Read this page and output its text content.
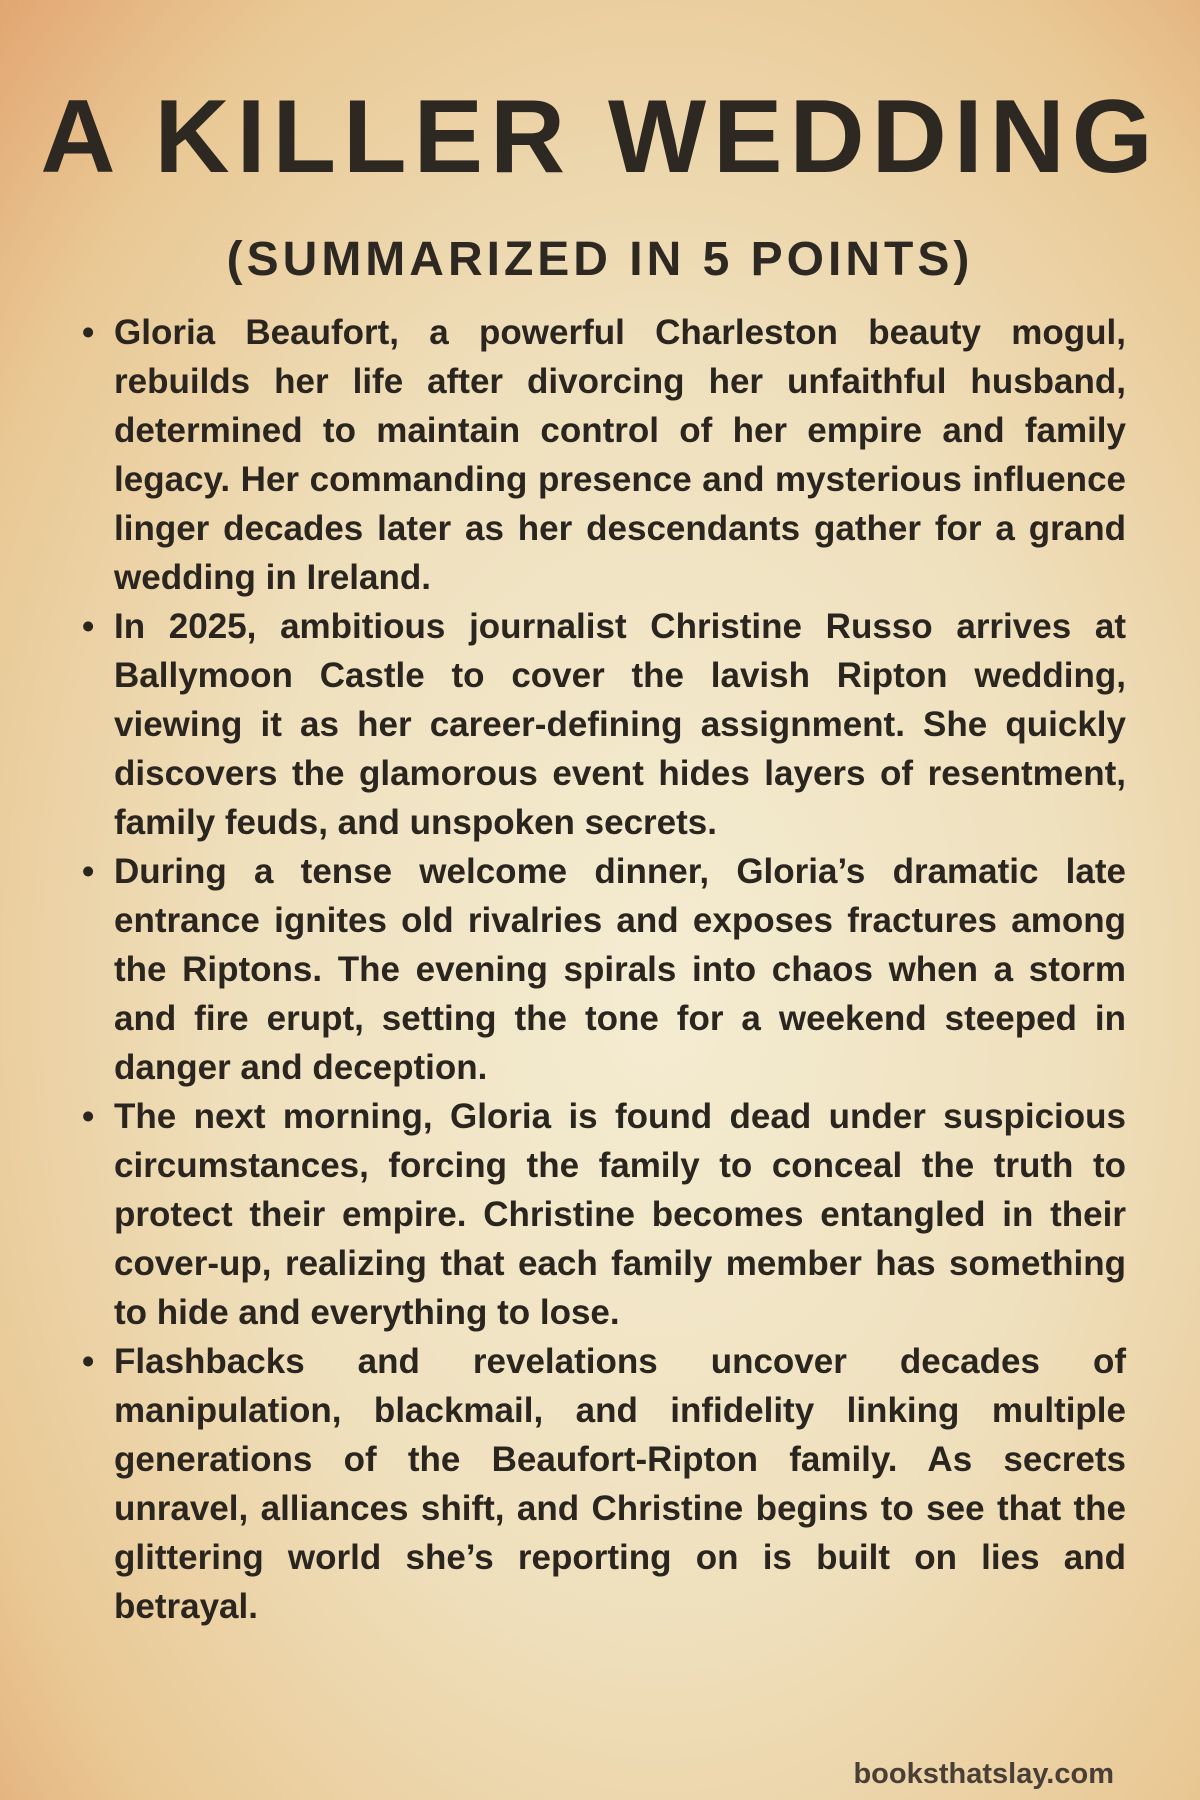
A KILLER WEDDING
(SUMMARIZED IN 5 POINTS)
• Gloria Beaufort, a powerful Charleston beauty mogul, rebuilds her life after divorcing her unfaithful husband, determined to maintain control of her empire and family legacy. Her commanding presence and mysterious influence linger decades later as her descendants gather for a grand wedding in Ireland.
• In 2025, ambitious journalist Christine Russo arrives at Ballymoon Castle to cover the lavish Ripton wedding, viewing it as her career-defining assignment. She quickly discovers the glamorous event hides layers of resentment, family feuds, and unspoken secrets.
• During a tense welcome dinner, Gloria’s dramatic late entrance ignites old rivalries and exposes fractures among the Riptons. The evening spirals into chaos when a storm and fire erupt, setting the tone for a weekend steeped in danger and deception.
• The next morning, Gloria is found dead under suspicious circumstances, forcing the family to conceal the truth to protect their empire. Christine becomes entangled in their cover-up, realizing that each family member has something to hide and everything to lose.
• Flashbacks and revelations uncover decades of manipulation, blackmail, and infidelity linking multiple generations of the Beaufort-Ripton family. As secrets unravel, alliances shift, and Christine begins to see that the glittering world she’s reporting on is built on lies and betrayal.
booksthatslay.com
